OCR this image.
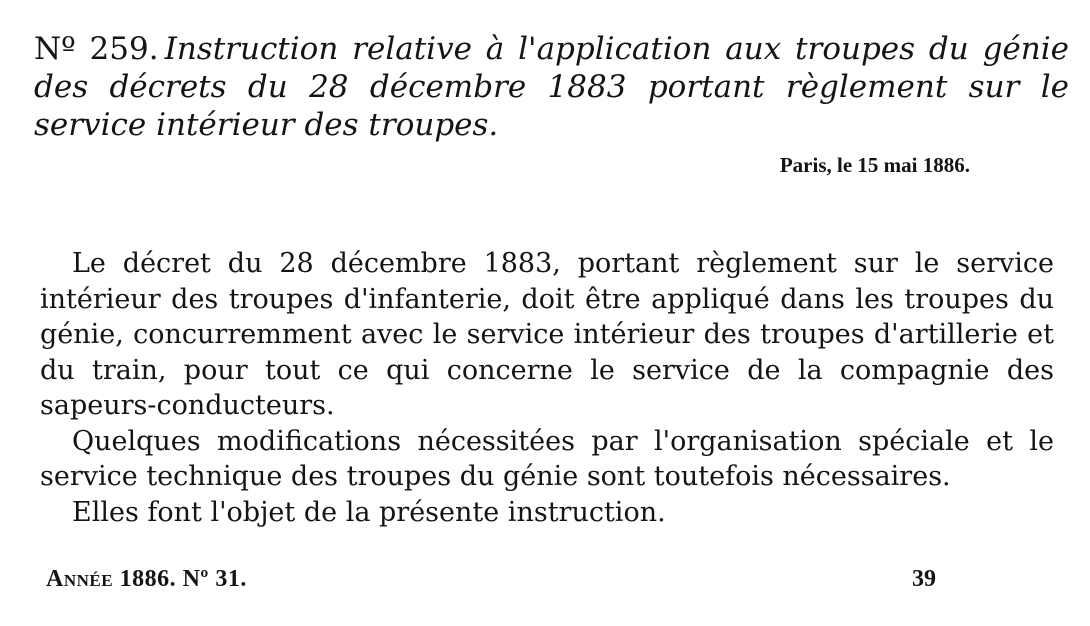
Nº 259. Instruction relative à l'application aux troupes du génie des décrets du 28 décembre 1883 portant règlement sur le service intérieur des troupes.
Paris, le 15 mai 1886.

Le décret du 28 décembre 1883, portant règlement sur le service intérieur des troupes d'infanterie, doit être appliqué dans les troupes du génie, concurremment avec le service intérieur des troupes d'artillerie et du train, pour tout ce qui concerne le service de la compagnie des sapeurs-conducteurs.

Quelques modifications nécessitées par l'organisation spéciale et le service technique des troupes du génie sont toutefois nécessaires.

Elles font l'objet de la présente instruction.

Année 1886. Nº 31.	39
